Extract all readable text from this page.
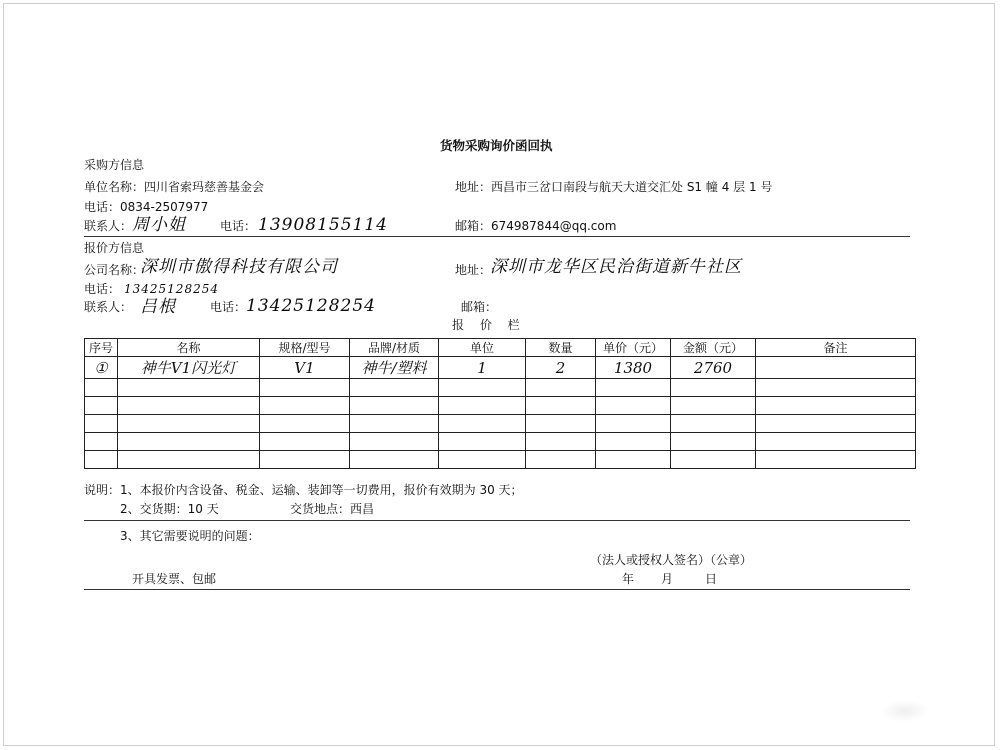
货物采购询价函回执
采购方信息
单位名称：四川省索玛慈善基金会	地址：西昌市三岔口南段与航天大道交汇处 S1 幢 4 层 1 号
电话：0834-2507977
联系人： 周小姐	电话： 13908155114	邮箱：674987844@qq.com
报价方信息
公司名称：
深圳市傲得科技有限公司	地址：
深圳市龙华区民治街道新牛社区
电话： 13425128254
联系人： 吕根	电话： 13425128254	邮箱：
报 价 栏
序号	名称	规格/型号	品牌/材质	单位	数量	单价（元）	金额（元）	备注
①	神牛V1闪光灯	V1	神牛/塑料	1	2	1380	2760	

说明：1、本报价内含设备、税金、运输、装卸等一切费用，报价有效期为 30 天；
2、交货期：10 天	交货地点：西昌
3、其它需要说明的问题：
（法人或授权人签名）（公章）
开具发票、包邮	年 月	日
